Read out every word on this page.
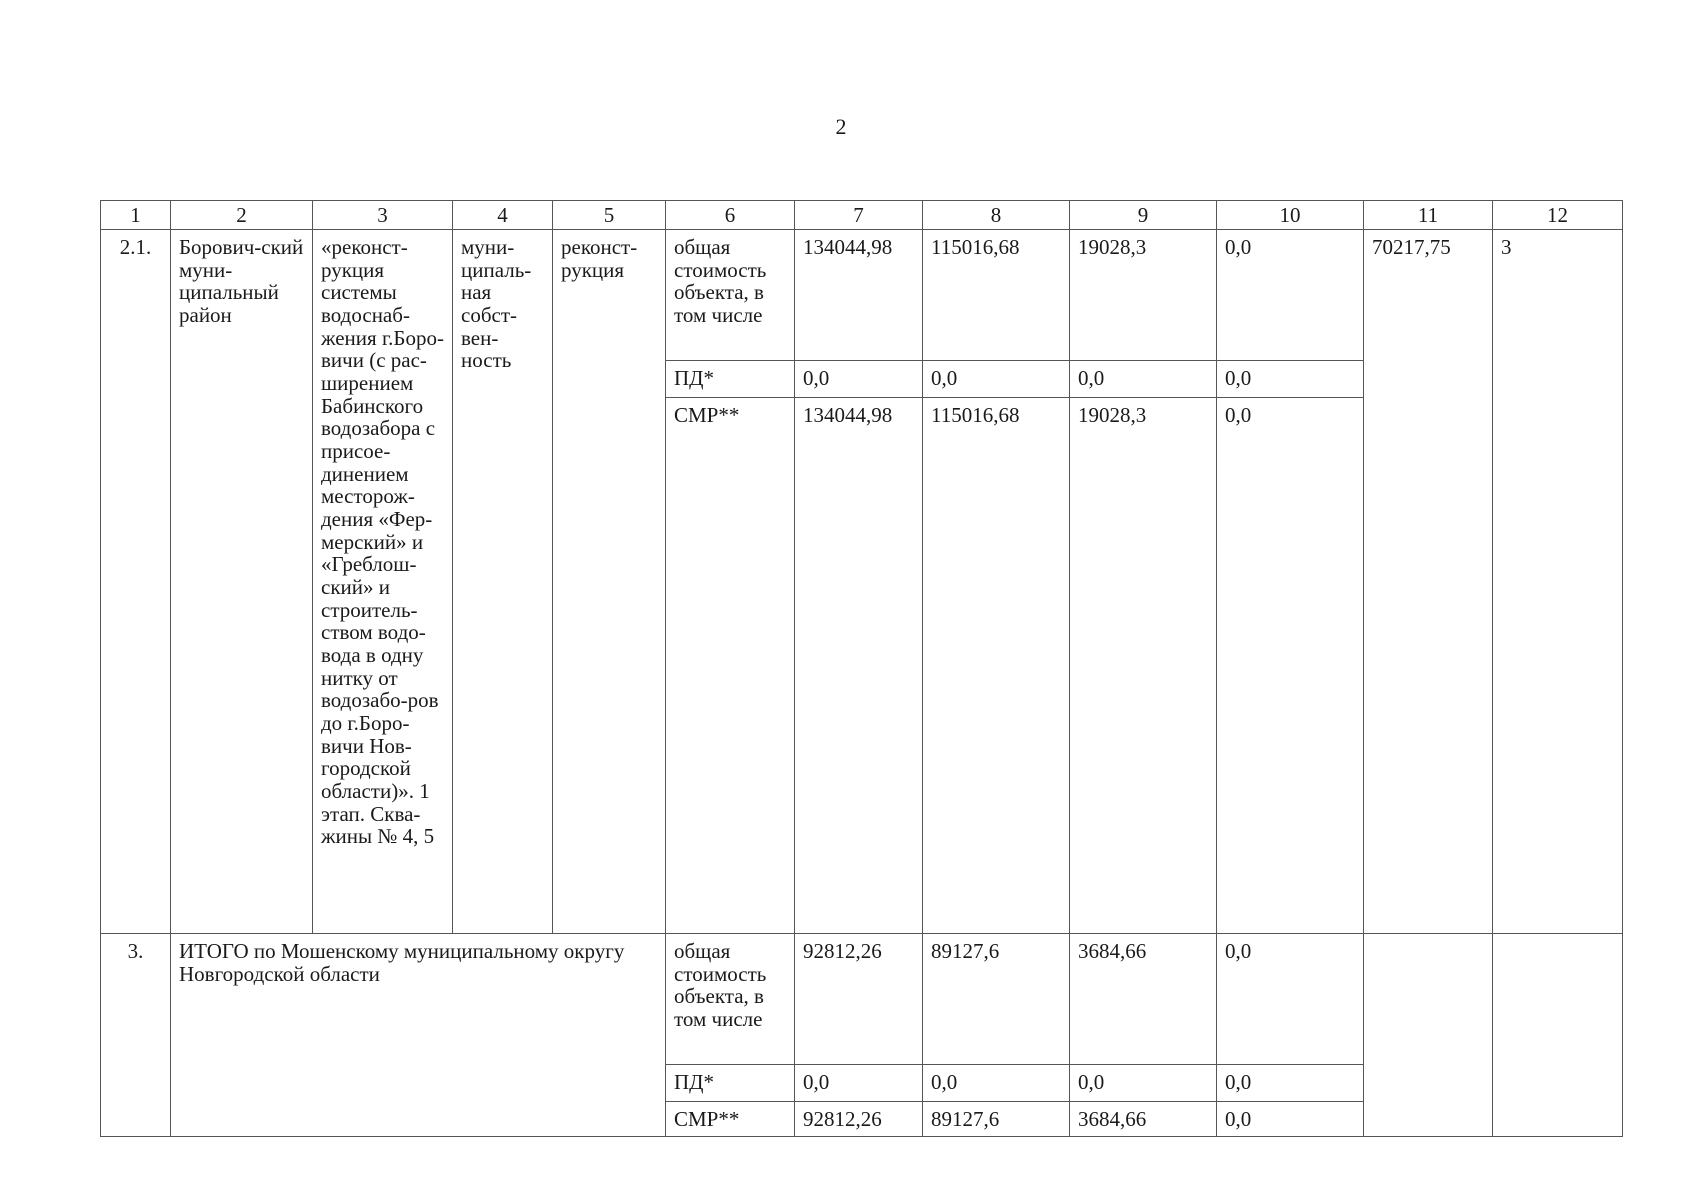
2
1	2	3	4	5	6	7	8	9	10	11	12
2.1.	Борович-ский муни-ципальный район	«реконст-рукция системы водоснаб-жения г.Боро-вичи (с рас-ширением Бабинского водозабора с присое-динением месторож-дения «Фер-мерский» и «Греблош-ский» и строитель-ством водо-вода в одну нитку от водозабо-ров до г.Боро-вичи Нов-городской области)». 1 этап. Сква-жины № 4, 5	муни-ципаль-ная собст-вен-ность	реконст-рукция	общая стоимость объекта, в том числе	134044,98	115016,68	19028,3	0,0	70217,75	3
					ПД*	0,0	0,0	0,0	0,0		
					СМР**	134044,98	115016,68	19028,3	0,0		
3.	ИТОГО по Мошенскому муниципальному округу Новгородской области				общая стоимость объекта, в том числе	92812,26	89127,6	3684,66	0,0		
					ПД*	0,0	0,0	0,0	0,0		
					СМР**	92812,26	89127,6	3684,66	0,0		
